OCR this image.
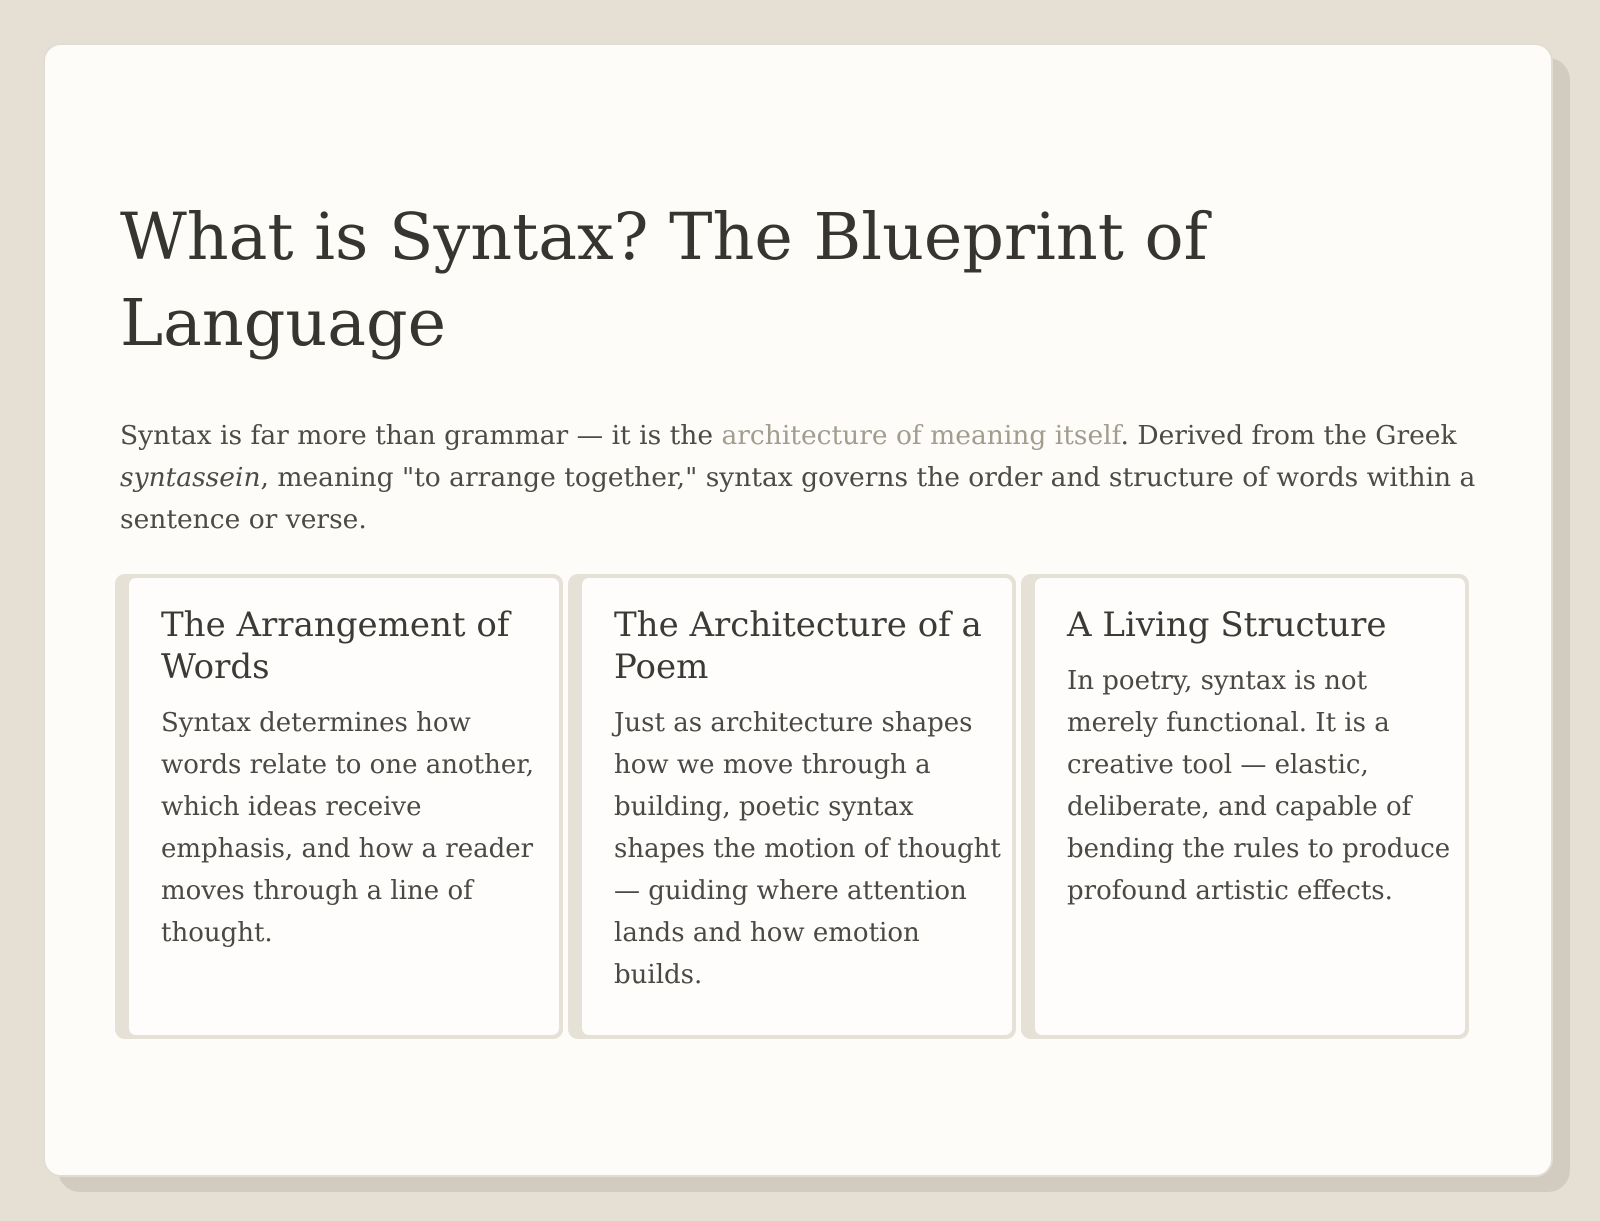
What is Syntax? The Blueprint of Language

Syntax is far more than grammar — it is the architecture of meaning itself. Derived from the Greek syntassein, meaning "to arrange together," syntax governs the order and structure of words within a sentence or verse.

The Arrangement of Words

Syntax determines how words relate to one another, which ideas receive emphasis, and how a reader moves through a line of thought.

The Architecture of a Poem

Just as architecture shapes how we move through a building, poetic syntax shapes the motion of thought — guiding where attention lands and how emotion builds.

A Living Structure

In poetry, syntax is not merely functional. It is a creative tool — elastic, deliberate, and capable of bending the rules to produce profound artistic effects.
